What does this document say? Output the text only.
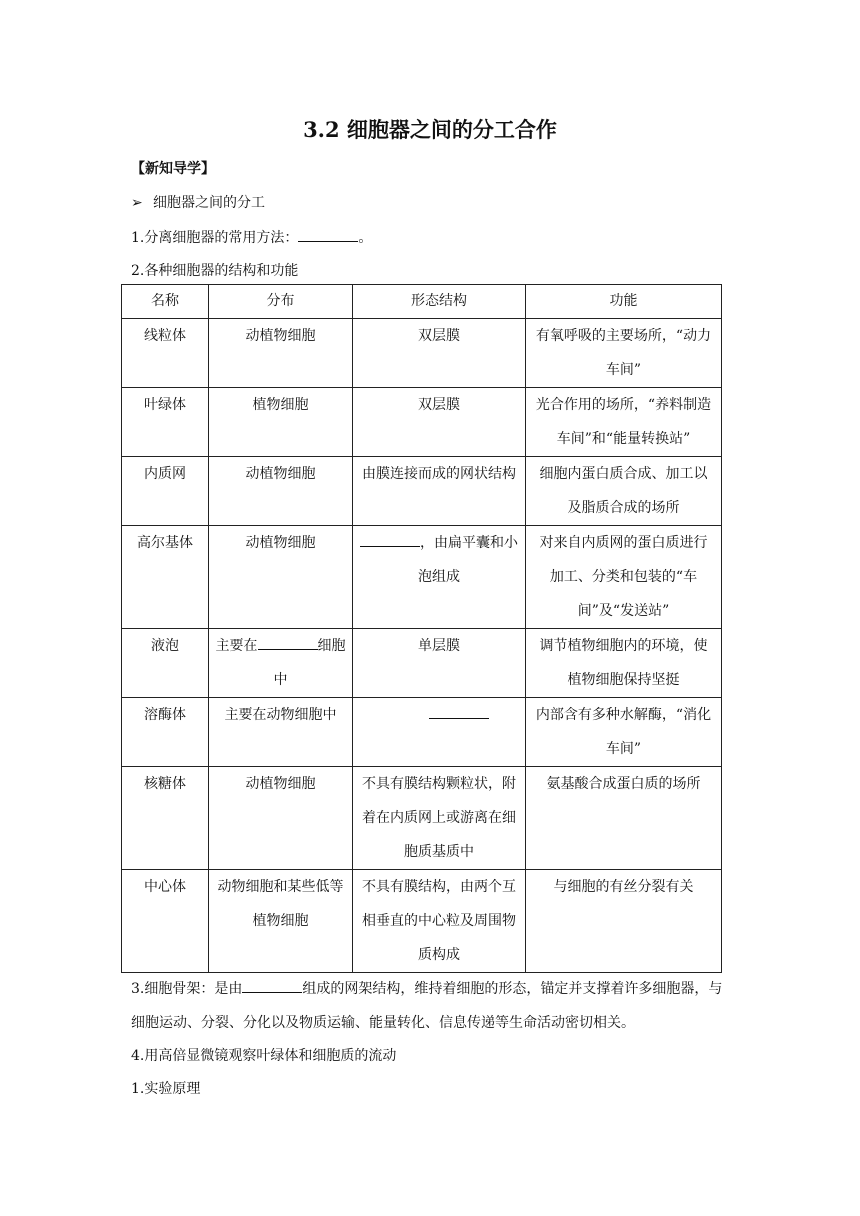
3.2 细胞器之间的分工合作
【新知导学】
➢ 细胞器之间的分工
1.分离细胞器的常用方法：	。
2.各种细胞器的结构和功能
名称	分布	形态结构	功能
线粒体	动植物细胞	双层膜	有氧呼吸的主要场所，“动力车间”
叶绿体	植物细胞	双层膜	光合作用的场所，“养料制造车间”和“能量转换站”
内质网	动植物细胞	由膜连接而成的网状结构	细胞内蛋白质合成、加工以及脂质合成的场所
高尔基体	动植物细胞	，由扁平囊和小泡组成	对来自内质网的蛋白质进行加工、分类和包装的“车间”及“发送站”
液泡	主要在 细胞中	单层膜	调节植物细胞内的环境，使植物细胞保持坚挺
溶酶体	主要在动物细胞中		内部含有多种水解酶，“消化车间”
核糖体	动植物细胞	不具有膜结构颗粒状，附着在内质网上或游离在细胞质基质中	氨基酸合成蛋白质的场所
中心体	动物细胞和某些低等植物细胞	不具有膜结构，由两个互相垂直的中心粒及周围物质构成	与细胞的有丝分裂有关
3.细胞骨架：是由	组成的网架结构，维持着细胞的形态，锚定并支撑着许多细胞器，与细胞运动、分裂、分化以及物质运输、能量转化、信息传递等生命活动密切相关。
4.用高倍显微镜观察叶绿体和细胞质的流动
1.实验原理
